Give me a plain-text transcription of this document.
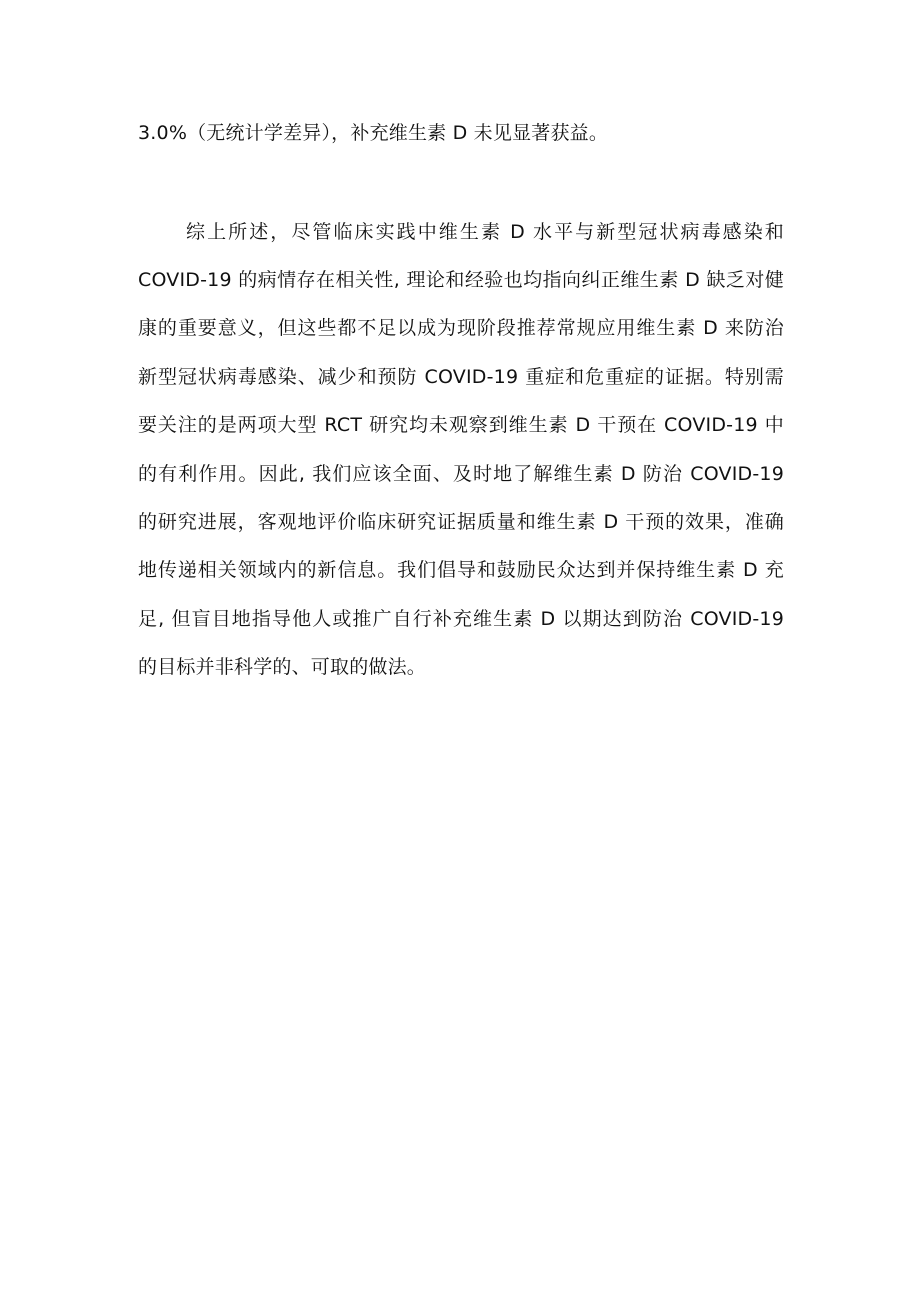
3.0%（无统计学差异），补充维生素 D 未见显著获益。
综上所述，尽管临床实践中维生素 D 水平与新型冠状病毒感染和
COVID-19 的病情存在相关性, 理论和经验也均指向纠正维生素 D 缺乏对健
康的重要意义，但这些都不足以成为现阶段推荐常规应用维生素 D 来防治
新型冠状病毒感染、减少和预防 COVID-19 重症和危重症的证据。特别需
要关注的是两项大型 RCT 研究均未观察到维生素 D 干预在 COVID-19 中
的有利作用。因此, 我们应该全面、及时地了解维生素 D 防治 COVID-19
的研究进展，客观地评价临床研究证据质量和维生素 D 干预的效果，准确
地传递相关领域内的新信息。我们倡导和鼓励民众达到并保持维生素 D 充
足, 但盲目地指导他人或推广自行补充维生素 D 以期达到防治 COVID-19
的目标并非科学的、可取的做法。
